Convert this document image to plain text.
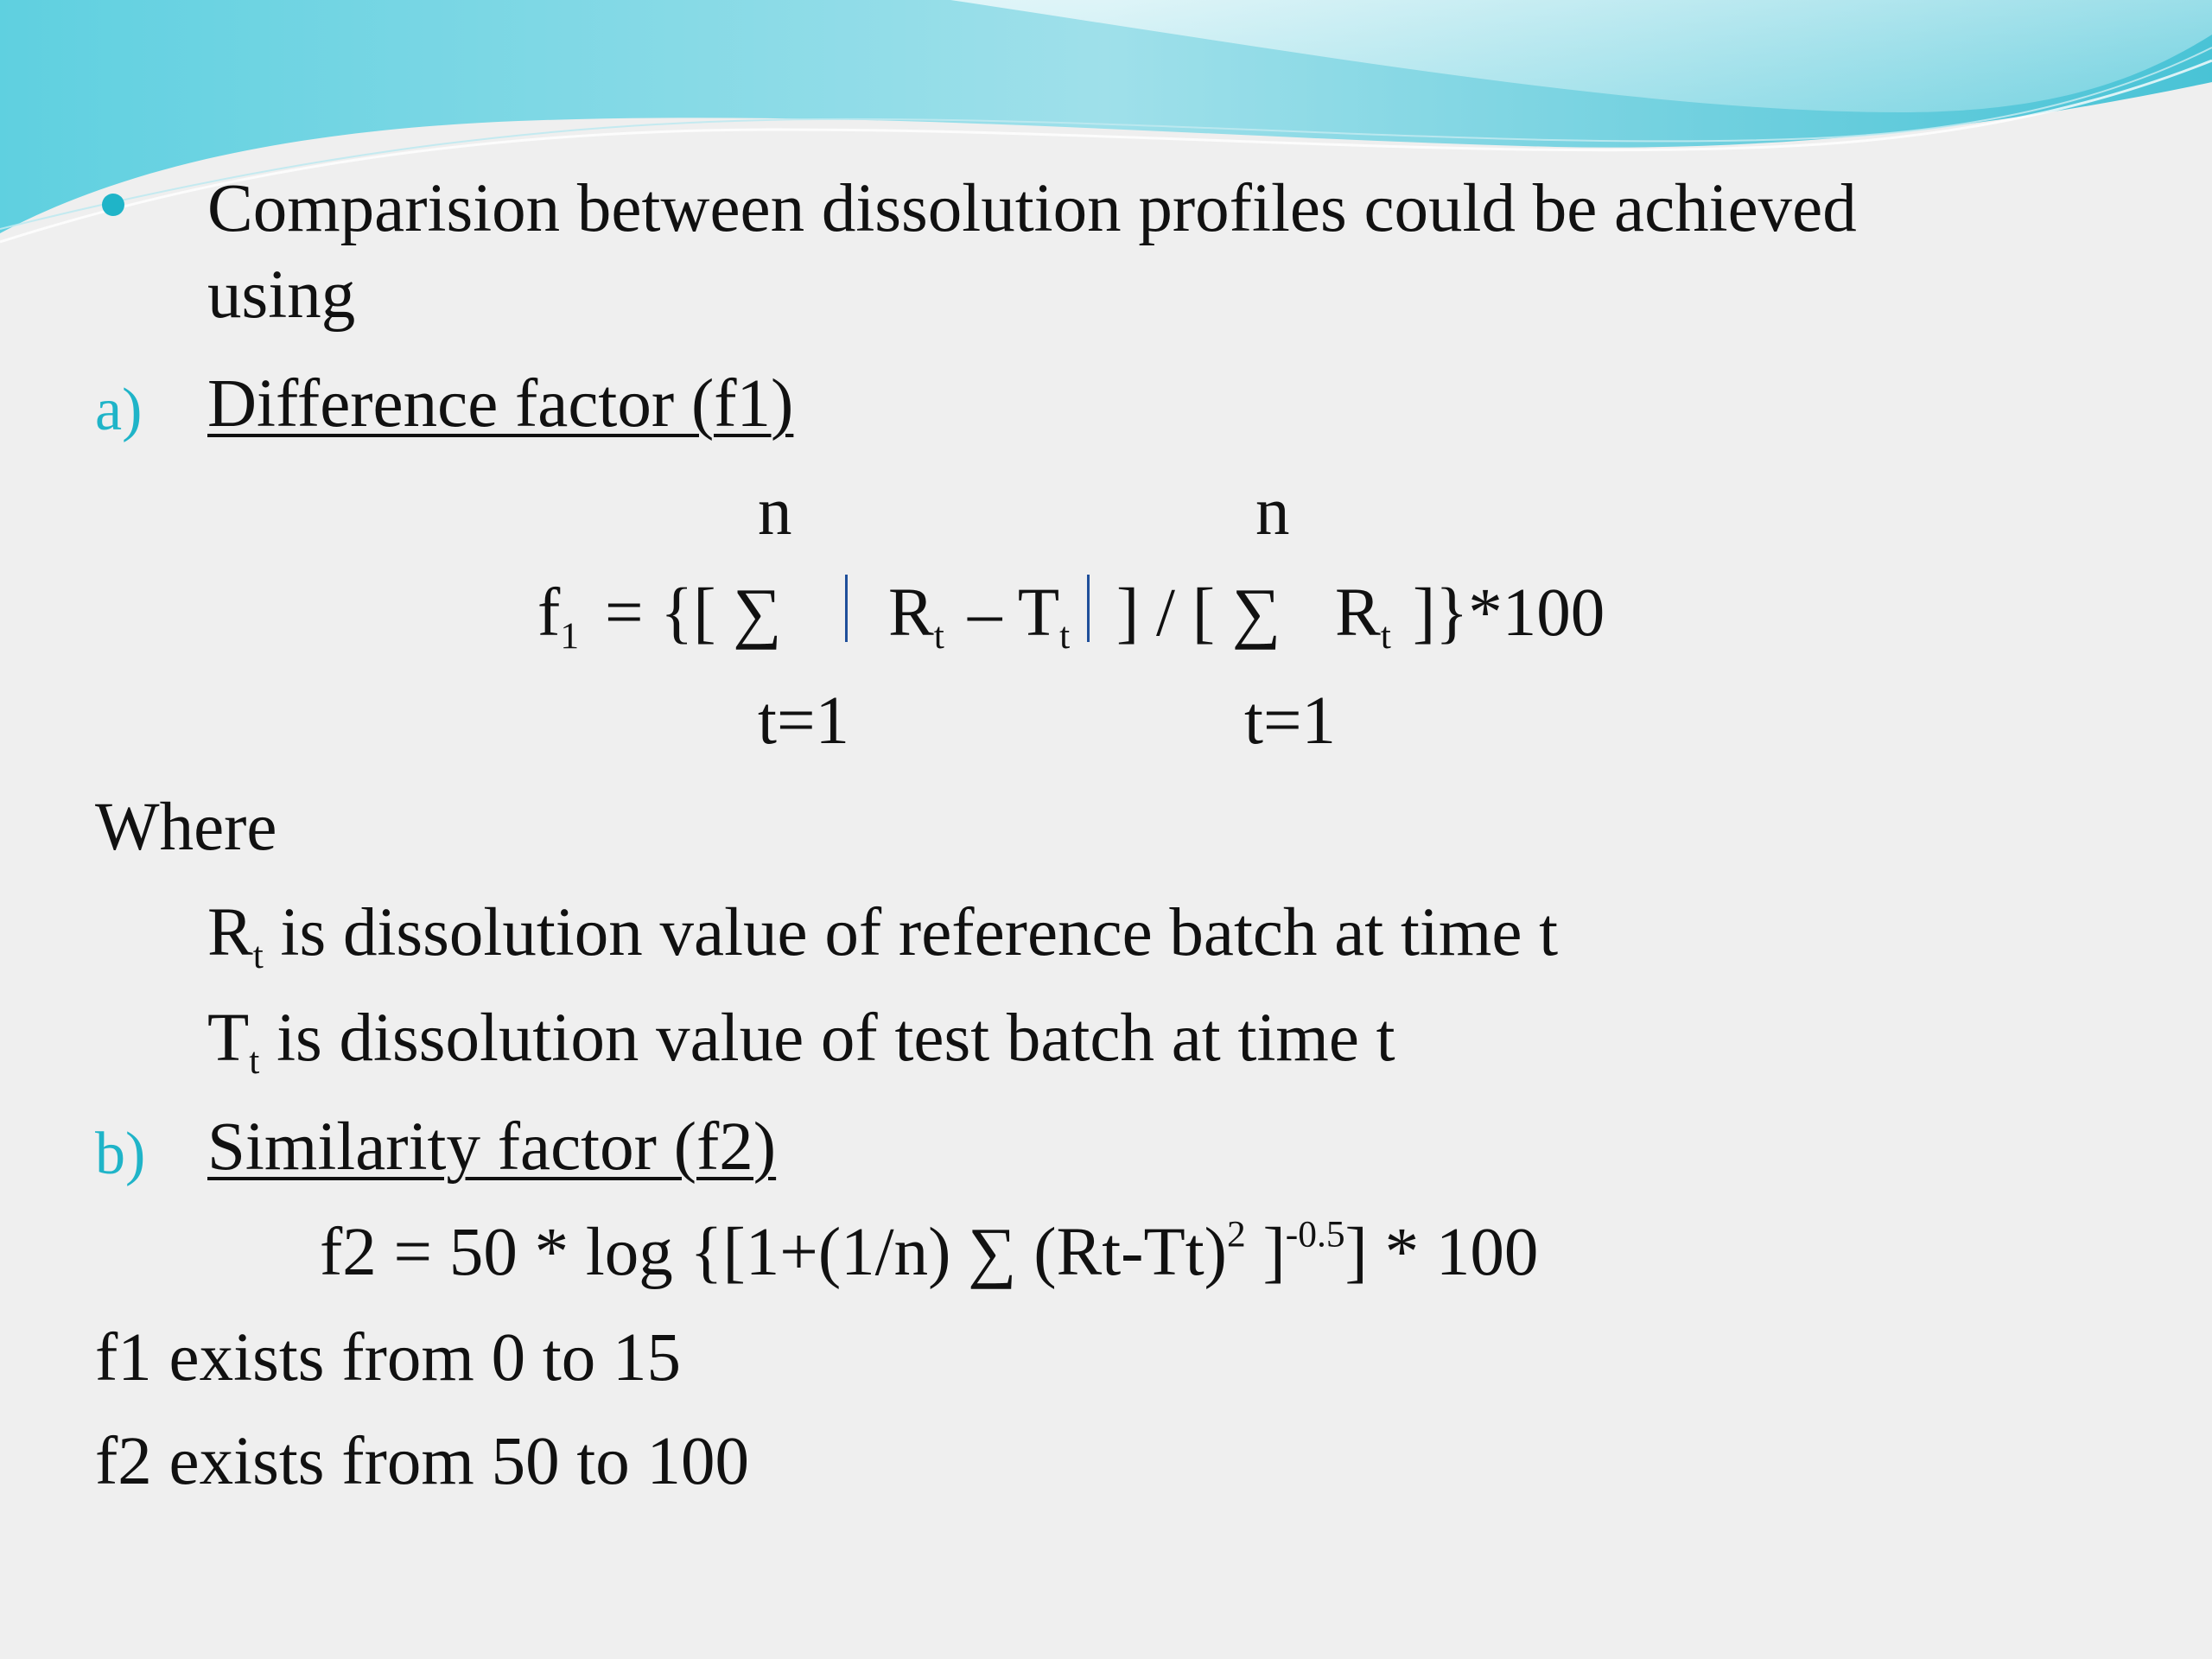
Comparision between dissolution profiles could be achieved
using
a) Difference factor (f1)
n	n
$f_1$ = {[ ∑ $R_t - T_t$ ] / [ ∑ $R_t$ ]}*100
t=1	t=1
Where
$R_t$ is dissolution value of reference batch at time t
$T_t$ is dissolution value of test batch at time t
b) Similarity factor (f2)
f2 = 50 * log {[1+(1/n) ∑ $(Rt-Tt)^2$ ]$^{-0.5}$] * 100
f1 exists from 0 to 15
f2 exists from 50 to 100
